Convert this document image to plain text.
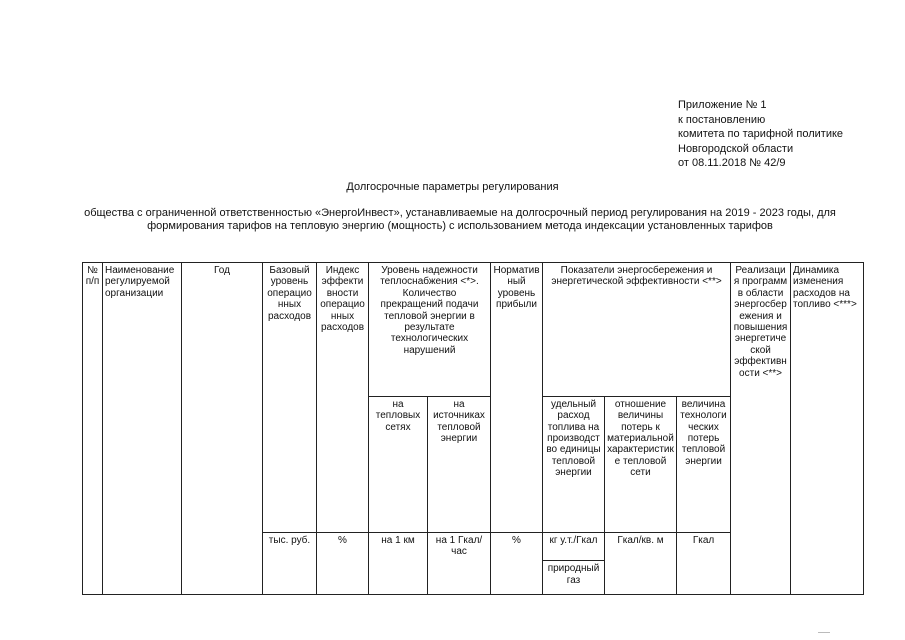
Приложение № 1
к постановлению
комитета по тарифной политике
Новгородской области
от 08.11.2018 № 42/9
Долгосрочные параметры регулирования
общества с ограниченной ответственностью «ЭнергоИнвест», устанавливаемые на долгосрочный период регулирования на 2019 - 2023 годы, для формирования тарифов на тепловую энергию (мощность) с использованием метода индексации установленных тарифов
№ п/п	Наименование регулируемой организации	Год	Базовый уровень операционных расходов	Индекс эффективности операционных расходов	Уровень надежности теплоснабжения <*>. Количество прекращений подачи тепловой энергии в результате технологических нарушений		Нормативный уровень прибыли	Показатели энергосбережения и энергетической эффективности <**>			Реализация программ в области энергосбережения и повышения энергетической эффективности <**>	Динамика изменения расходов на топливо <***>
					на тепловых сетях	на источниках тепловой энергии		удельный расход топлива на производство единицы тепловой энергии	отношение величины потерь к материальной характеристике тепловой сети	величина технологических потерь тепловой энергии		
			тыс. руб.	%	на 1 км	на 1 Гкал/час	%	кг у.т./Гкал	Гкал/кв. м	Гкал		
								природный газ				
